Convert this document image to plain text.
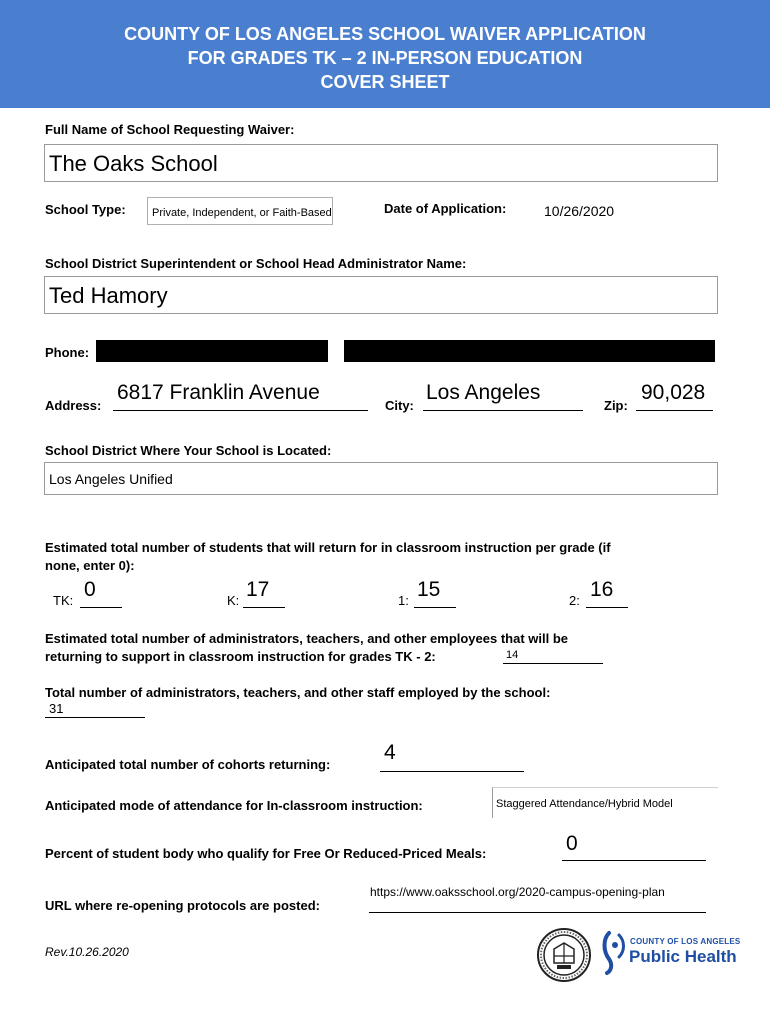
COUNTY OF LOS ANGELES SCHOOL WAIVER APPLICATION
FOR GRADES TK – 2 IN-PERSON EDUCATION
COVER SHEET
Full Name of School Requesting Waiver:
The Oaks School
School Type: Private, Independent, or Faith-Based	Date of Application:	10/26/2020
School District Superintendent or School Head Administrator Name:
Ted Hamory
Phone:
Address:
6817 Franklin Avenue
City:
Los Angeles
Zip:
90,028
School District Where Your School is Located:
Los Angeles Unified
Estimated total number of students that will return for in classroom instruction per grade (if
none, enter 0):
TK: 0	K: 17	1: 15	2: 16
Estimated total number of administrators, teachers, and other employees that will be
returning to support in classroom instruction for grades TK - 2:	14
Total number of administrators, teachers, and other staff employed by the school:
31
Anticipated total number of cohorts returning:
4
Anticipated mode of attendance for In-classroom instruction:	Staggered Attendance/Hybrid Model
Percent of student body who qualify for Free Or Reduced-Priced Meals:	0
URL where re-opening protocols are posted:
https://www.oaksschool.org/2020-campus-opening-plan
Rev.10.26.2020
COUNTY OF LOS ANGELES
Public Health
